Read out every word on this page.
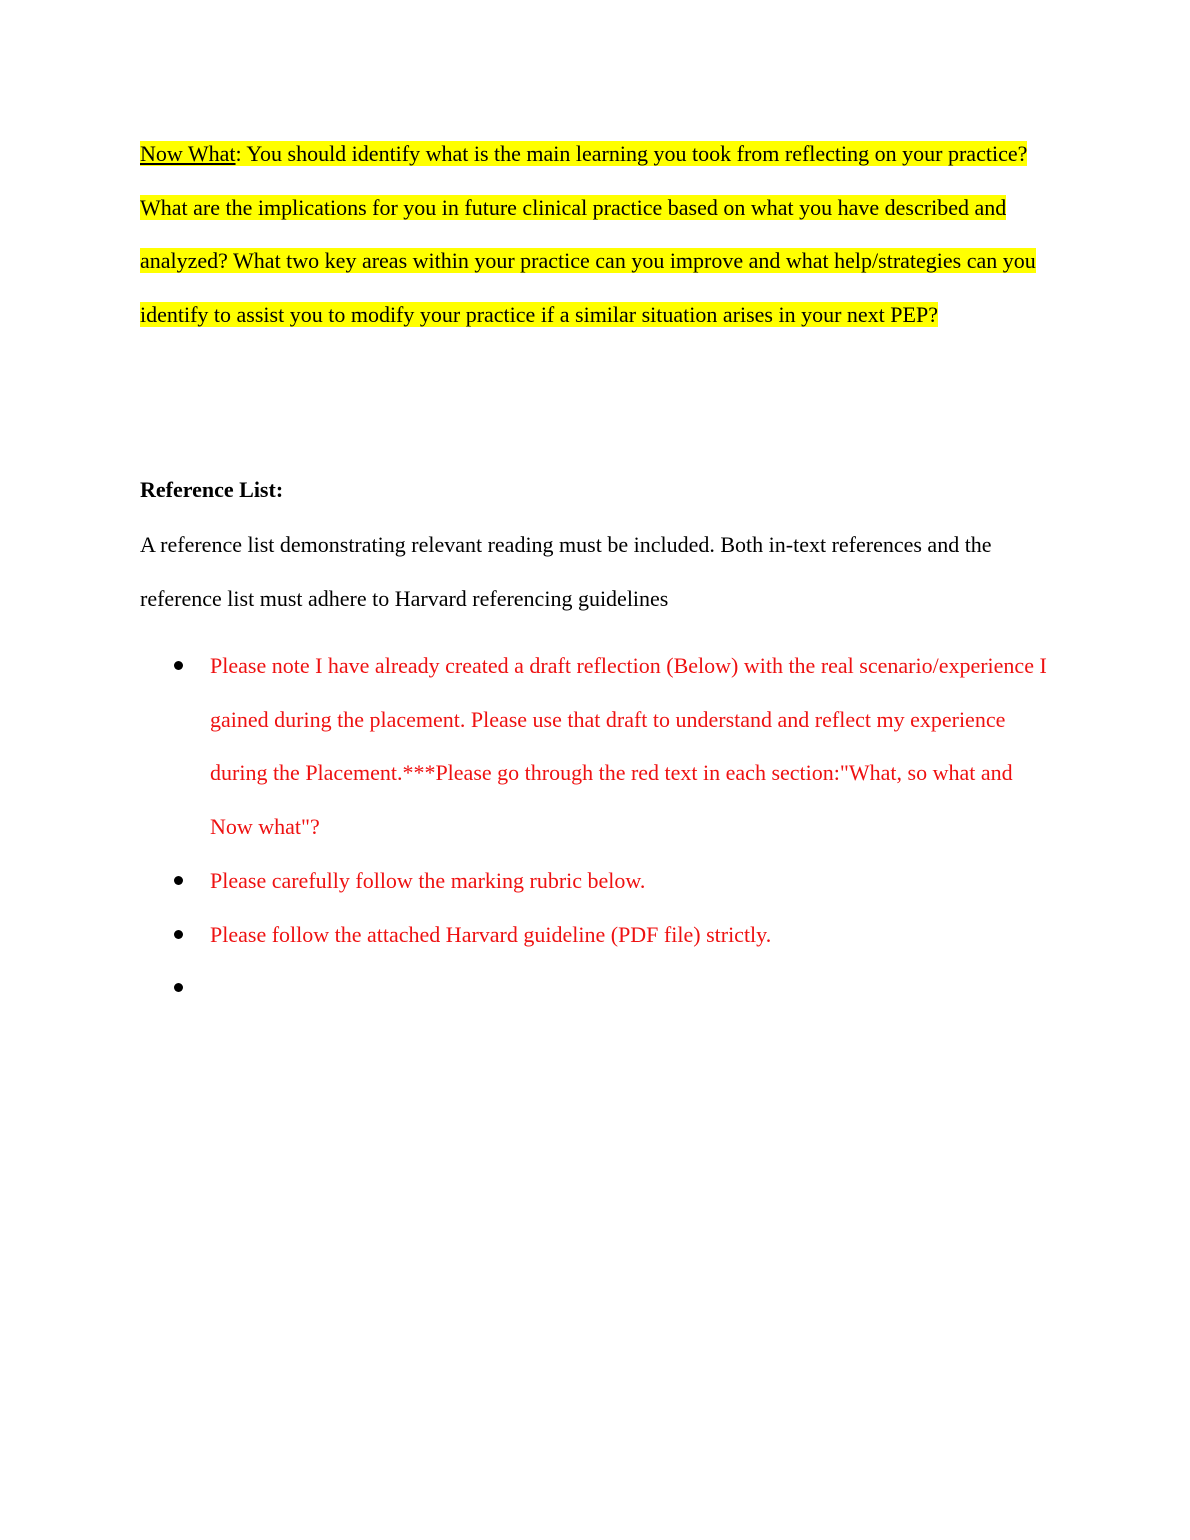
Now What: You should identify what is the main learning you took from reflecting on your practice? What are the implications for you in future clinical practice based on what you have described and analyzed? What two key areas within your practice can you improve and what help/strategies can you identify to assist you to modify your practice if a similar situation arises in your next PEP?
Reference List:
A reference list demonstrating relevant reading must be included. Both in-text references and the reference list must adhere to Harvard referencing guidelines
Please note I have already created a draft reflection (Below) with the real scenario/experience I gained during the placement. Please use that draft to understand and reflect my experience during the Placement.***Please go through the red text in each section:"What, so what and Now what"?
Please carefully follow the marking rubric below.
Please follow the attached Harvard guideline (PDF file) strictly.
